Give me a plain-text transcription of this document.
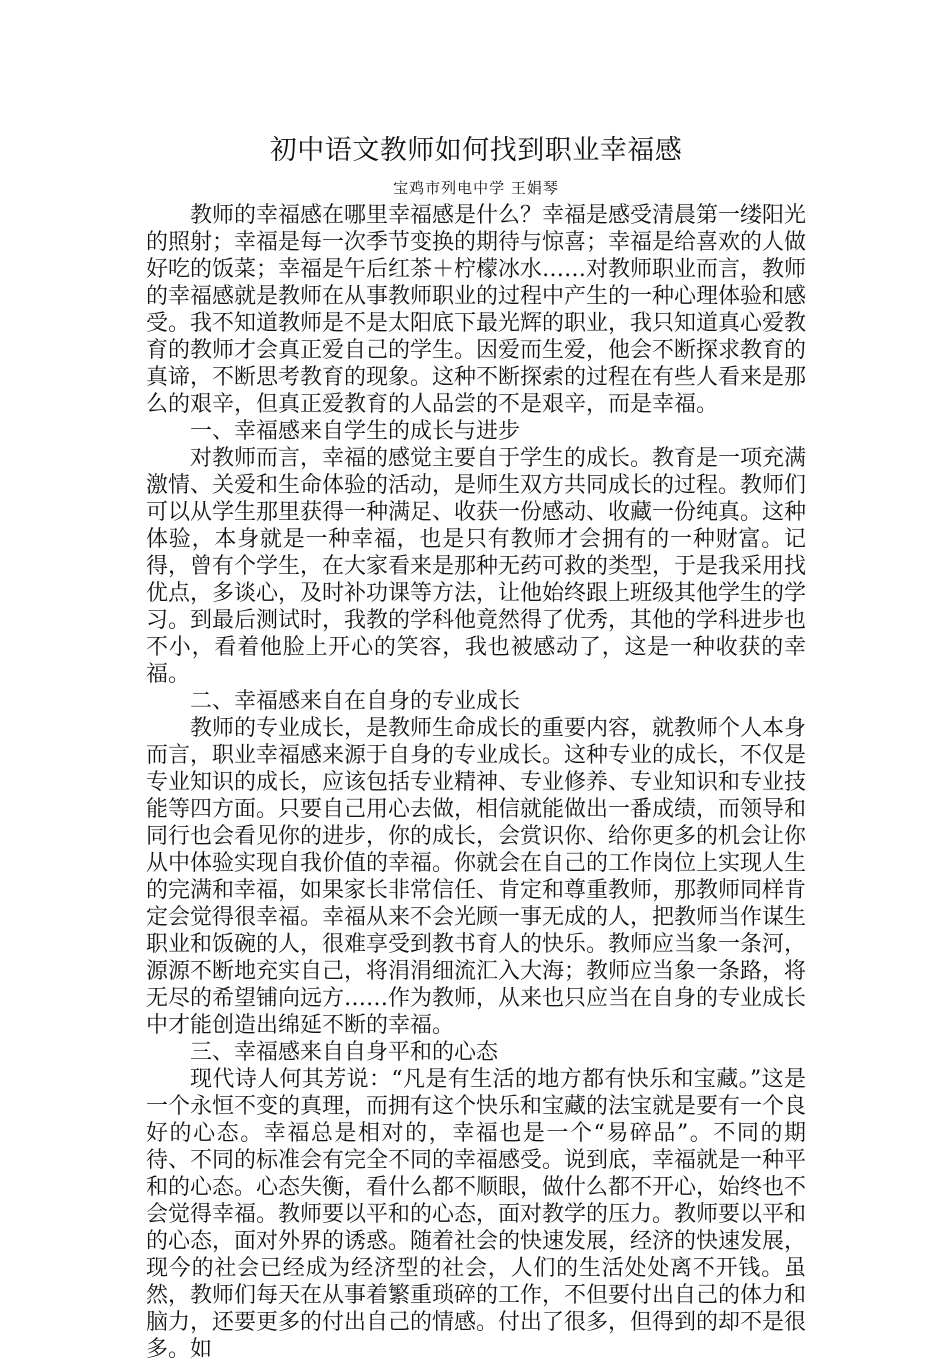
初中语文教师如何找到职业幸福感
宝鸡市列电中学 王娟琴

教师的幸福感在哪里幸福感是什么？幸福是感受清晨第一缕阳光的照射；幸福是每一次季节变换的期待与惊喜；幸福是给喜欢的人做好吃的饭菜；幸福是午后红茶＋柠檬冰水……对教师职业而言，教师的幸福感就是教师在从事教师职业的过程中产生的一种心理体验和感受。我不知道教师是不是太阳底下最光辉的职业，我只知道真心爱教育的教师才会真正爱自己的学生。因爱而生爱，他会不断探求教育的真谛，不断思考教育的现象。这种不断探索的过程在有些人看来是那么的艰辛，但真正爱教育的人品尝的不是艰辛，而是幸福。

一、幸福感来自学生的成长与进步

对教师而言，幸福的感觉主要自于学生的成长。教育是一项充满激情、关爱和生命体验的活动，是师生双方共同成长的过程。教师们可以从学生那里获得一种满足、收获一份感动、收藏一份纯真。这种体验，本身就是一种幸福，也是只有教师才会拥有的一种财富。记得，曾有个学生，在大家看来是那种无药可救的类型，于是我采用找优点，多谈心，及时补功课等方法，让他始终跟上班级其他学生的学习。到最后测试时，我教的学科他竟然得了优秀，其他的学科进步也不小，看着他脸上开心的笑容，我也被感动了，这是一种收获的幸福。

二、幸福感来自在自身的专业成长

教师的专业成长，是教师生命成长的重要内容，就教师个人本身而言，职业幸福感来源于自身的专业成长。这种专业的成长，不仅是专业知识的成长，应该包括专业精神、专业修养、专业知识和专业技能等四方面。只要自己用心去做，相信就能做出一番成绩，而领导和同行也会看见你的进步，你的成长，会赏识你、给你更多的机会让你从中体验实现自我价值的幸福。你就会在自己的工作岗位上实现人生的完满和幸福，如果家长非常信任、肯定和尊重教师，那教师同样肯定会觉得很幸福。幸福从来不会光顾一事无成的人，把教师当作谋生职业和饭碗的人，很难享受到教书育人的快乐。教师应当象一条河，源源不断地充实自己，将涓涓细流汇入大海；教师应当象一条路，将无尽的希望铺向远方……作为教师，从来也只应当在自身的专业成长中才能创造出绵延不断的幸福。

三、幸福感来自自身平和的心态

现代诗人何其芳说：“凡是有生活的地方都有快乐和宝藏。”这是一个永恒不变的真理，而拥有这个快乐和宝藏的法宝就是要有一个良好的心态。幸福总是相对的，幸福也是一个“易碎品”。不同的期待、不同的标准会有完全不同的幸福感受。说到底，幸福就是一种平和的心态。心态失衡，看什么都不顺眼，做什么都不开心，始终也不会觉得幸福。教师要以平和的心态，面对教学的压力。教师要以平和的心态，面对外界的诱惑。随着社会的快速发展，经济的快速发展，现今的社会已经成为经济型的社会，人们的生活处处离不开钱。虽然，教师们每天在从事着繁重琐碎的工作，不但要付出自己的体力和脑力，还要更多的付出自己的情感。付出了很多，但得到的却不是很多。如
